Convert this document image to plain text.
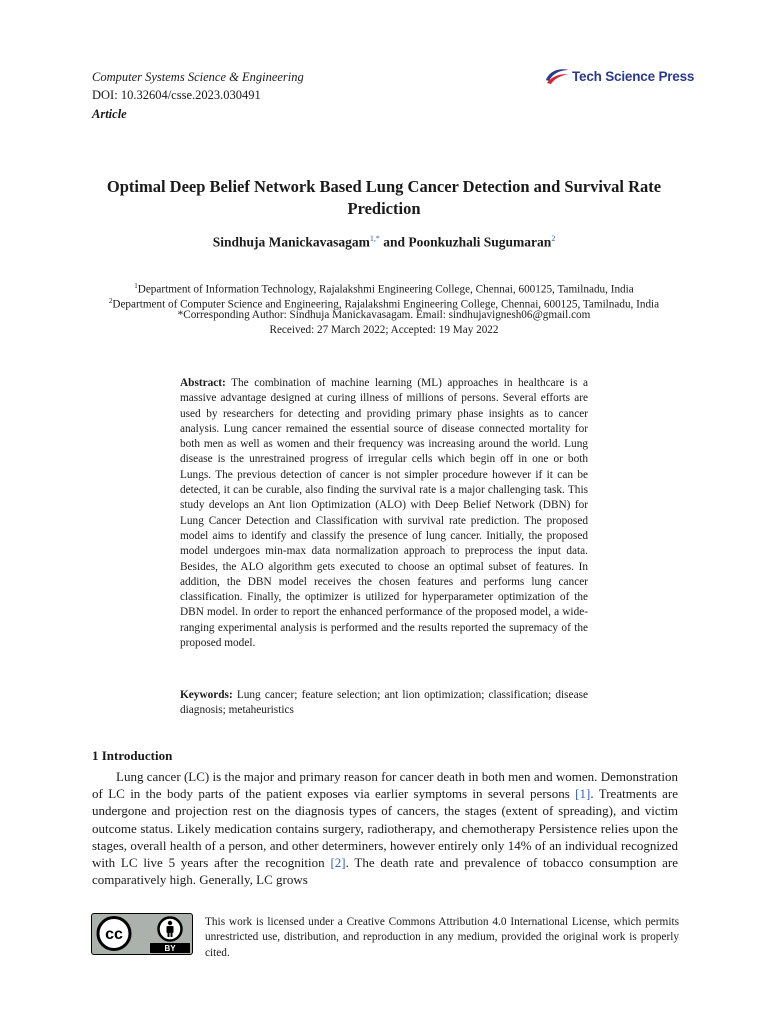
Computer Systems Science & Engineering
DOI: 10.32604/csse.2023.030491
Article
Tech Science Press
Optimal Deep Belief Network Based Lung Cancer Detection and Survival Rate Prediction
Sindhuja Manickavasagam$^{1,*}$ and Poonkuzhali Sugumaran$^2$
$^1$Department of Information Technology, Rajalakshmi Engineering College, Chennai, 600125, Tamilnadu, India
$^2$Department of Computer Science and Engineering, Rajalakshmi Engineering College, Chennai, 600125, Tamilnadu, India
*Corresponding Author: Sindhuja Manickavasagam. Email: sindhujavignesh06@gmail.com
Received: 27 March 2022; Accepted: 19 May 2022
Abstract: The combination of machine learning (ML) approaches in healthcare is a massive advantage designed at curing illness of millions of persons. Several efforts are used by researchers for detecting and providing primary phase insights as to cancer analysis. Lung cancer remained the essential source of disease connected mortality for both men as well as women and their frequency was increasing around the world. Lung disease is the unrestrained progress of irregular cells which begin off in one or both Lungs. The previous detection of cancer is not simpler procedure however if it can be detected, it can be curable, also finding the survival rate is a major challenging task. This study develops an Ant lion Optimization (ALO) with Deep Belief Network (DBN) for Lung Cancer Detection and Classification with survival rate prediction. The proposed model aims to identify and classify the presence of lung cancer. Initially, the proposed model undergoes min-max data normalization approach to preprocess the input data. Besides, the ALO algorithm gets executed to choose an optimal subset of features. In addition, the DBN model receives the chosen features and performs lung cancer classification. Finally, the optimizer is utilized for hyperparameter optimization of the DBN model. In order to report the enhanced performance of the proposed model, a wide-ranging experimental analysis is performed and the results reported the supremacy of the proposed model.
Keywords: Lung cancer; feature selection; ant lion optimization; classification; disease diagnosis; metaheuristics
1 Introduction
Lung cancer (LC) is the major and primary reason for cancer death in both men and women. Demonstration of LC in the body parts of the patient exposes via earlier symptoms in several persons [1]. Treatments are undergone and projection rest on the diagnosis types of cancers, the stages (extent of spreading), and victim outcome status. Likely medication contains surgery, radiotherapy, and chemotherapy Persistence relies upon the stages, overall health of a person, and other determiners, however entirely only 14% of an individual recognized with LC live 5 years after the recognition [2]. The death rate and prevalence of tobacco consumption are comparatively high. Generally, LC grows
cc
BY
This work is licensed under a Creative Commons Attribution 4.0 International License, which permits unrestricted use, distribution, and reproduction in any medium, provided the original work is properly cited.
